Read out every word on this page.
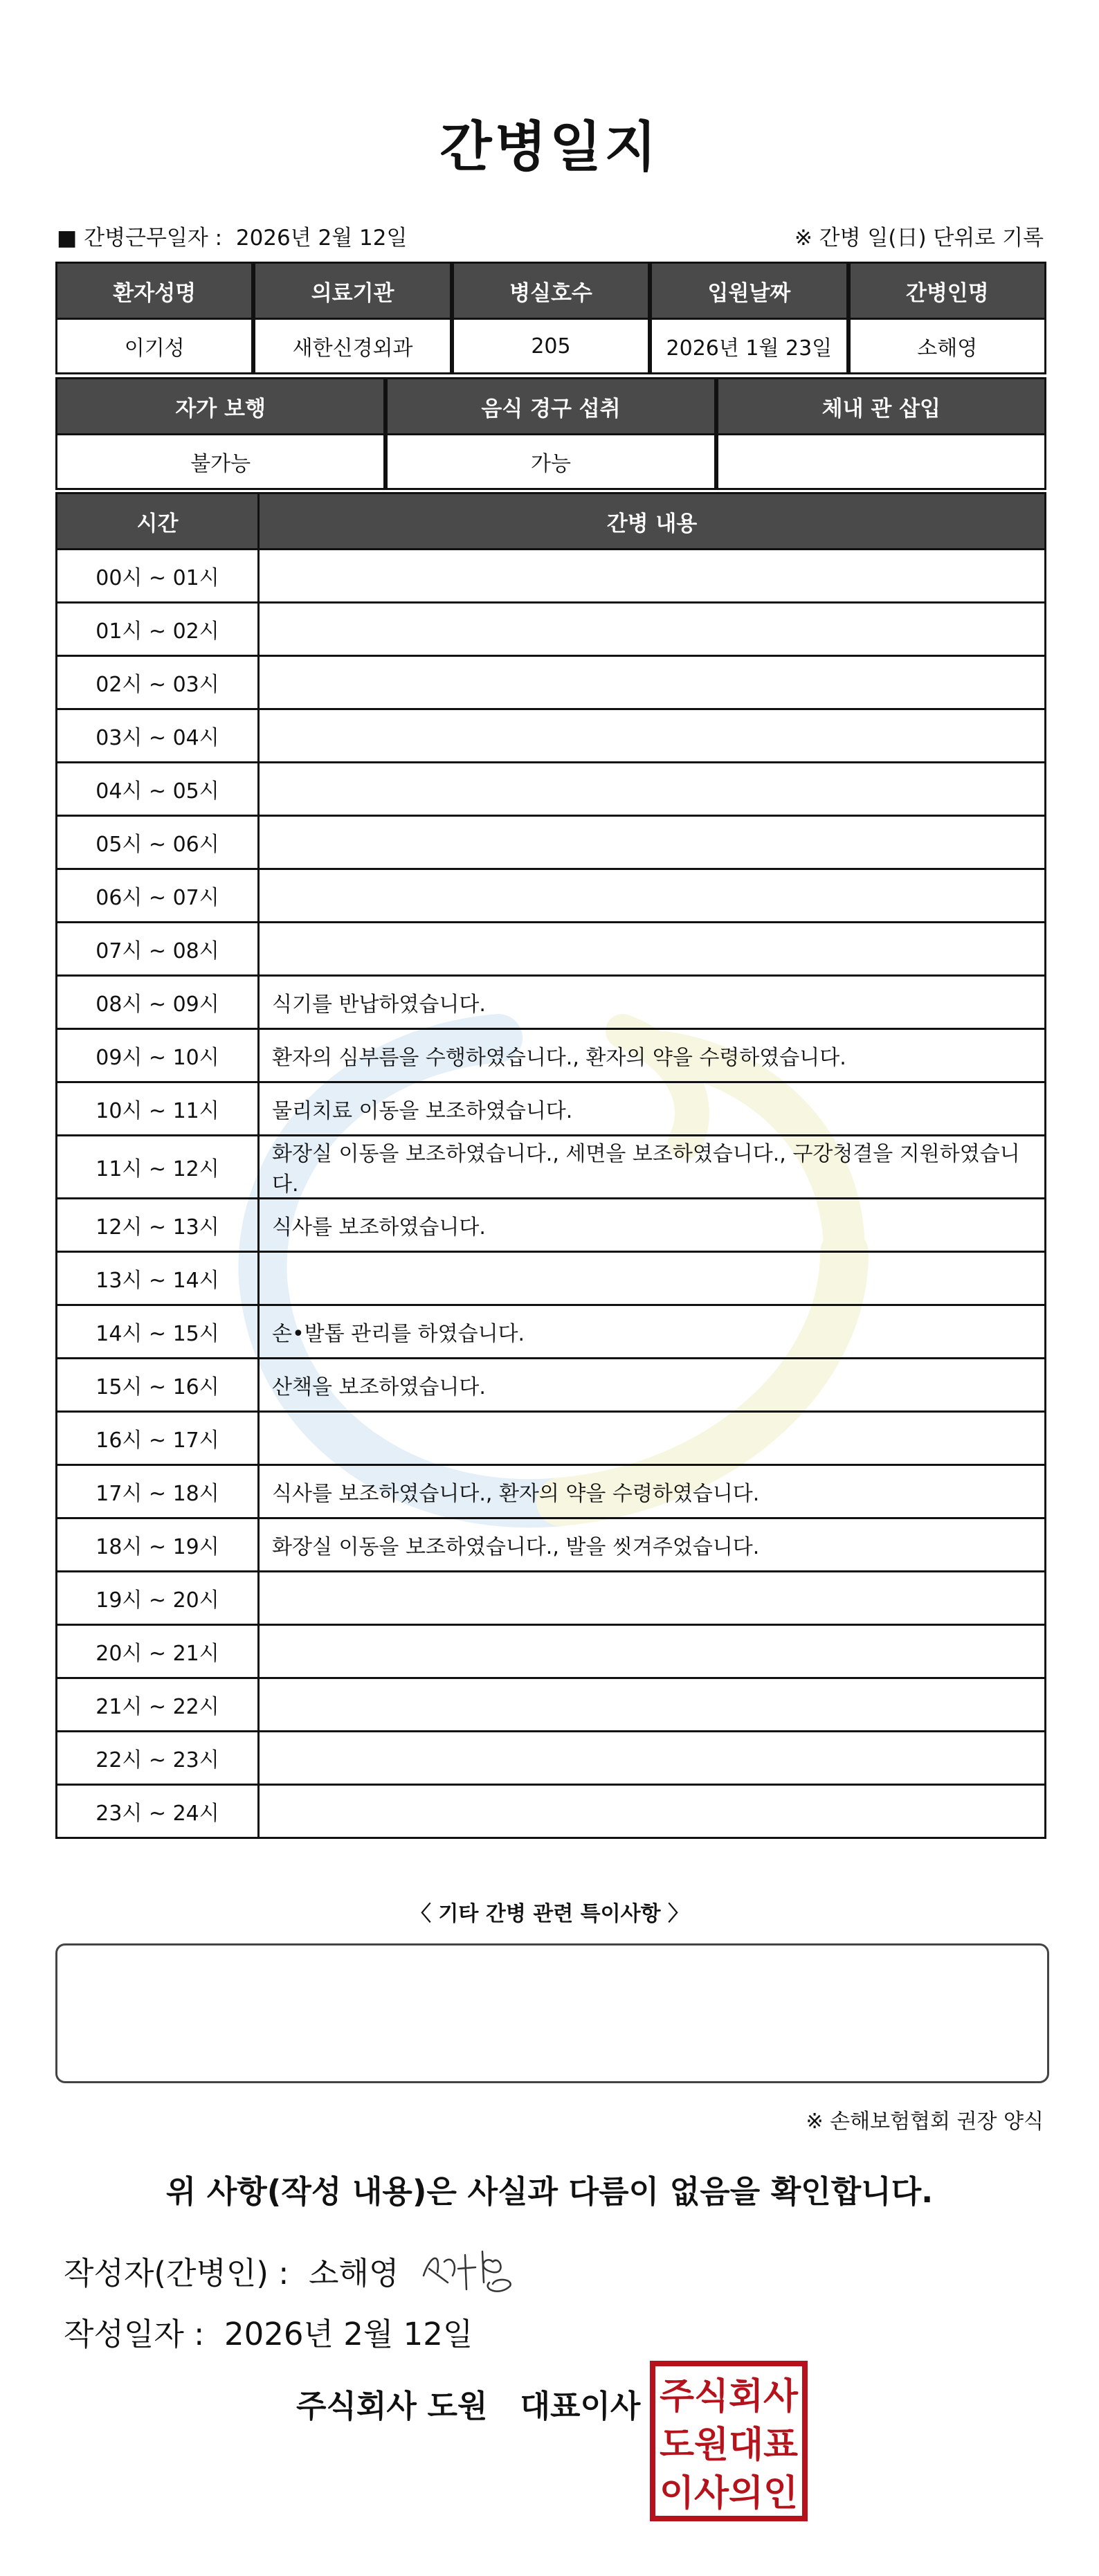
간병일지
■ 간병근무일자 : 2026년 2월 12일	※ 간병 일(日) 단위로 기록
환자성명		의료기관		병실호수		입원날짜		간병인명
이기성		새한신경외과		205		2026년 1월 23일		소해영
자가 보행		음식 경구 섭취		체내 관 삽입
불가능		가능		
시간	간병 내용
00시 ~ 01시	
01시 ~ 02시	
02시 ~ 03시	
03시 ~ 04시	
04시 ~ 05시	
05시 ~ 06시	
06시 ~ 07시	
07시 ~ 08시	
08시 ~ 09시	식기를 반납하였습니다.
09시 ~ 10시	환자의 심부름을 수행하였습니다., 환자의 약을 수령하였습니다.
10시 ~ 11시	물리치료 이동을 보조하였습니다.
11시 ~ 12시	화장실 이동을 보조하였습니다., 세면을 보조하였습니다., 구강청결을 지원하였습니다.
12시 ~ 13시	식사를 보조하였습니다.
13시 ~ 14시	
14시 ~ 15시	손•발톱 관리를 하였습니다.
15시 ~ 16시	산책을 보조하였습니다.
16시 ~ 17시	
17시 ~ 18시	식사를 보조하였습니다., 환자의 약을 수령하였습니다.
18시 ~ 19시	화장실 이동을 보조하였습니다., 발을 씻겨주었습니다.
19시 ~ 20시	
20시 ~ 21시	
21시 ~ 22시	
22시 ~ 23시	
23시 ~ 24시	
〈 기타 간병 관련 특이사항 〉
※ 손해보험협회 권장 양식
위 사항(작성 내용)은 사실과 다름이 없음을 확인합니다.
작성자(간병인) : 소해영
작성일자 : 2026년 2월 12일
주식회사 도원 대표이사 주식회사
도원대표
이사의인
